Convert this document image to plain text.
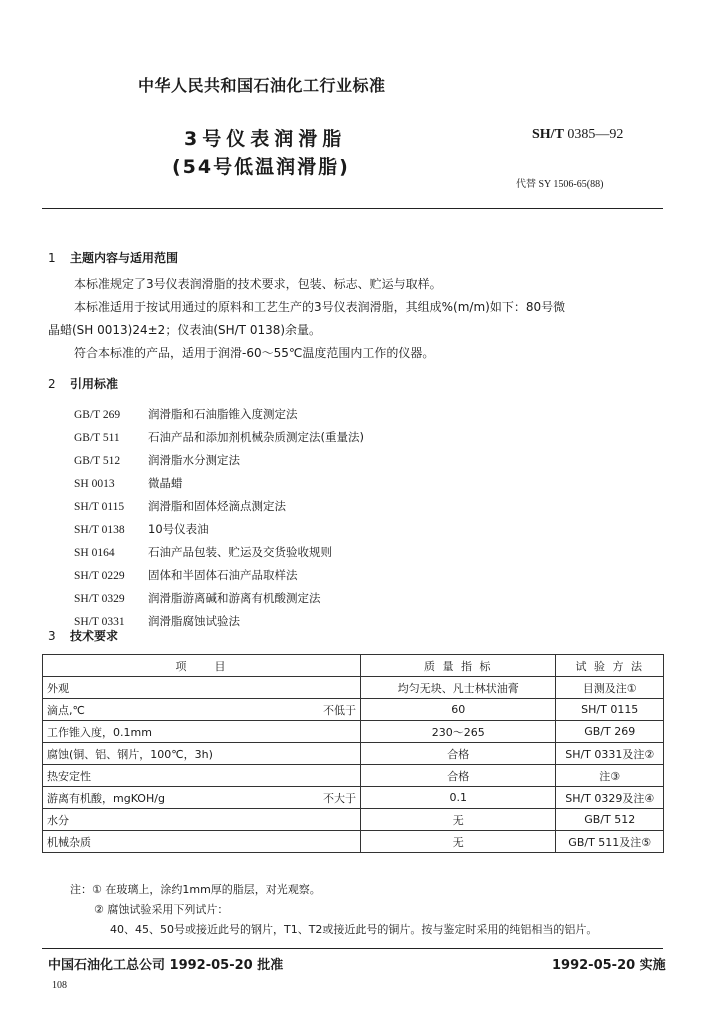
中华人民共和国石油化工行业标准
3号仪表润滑脂
(54号低温润滑脂)
SH/T 0385—92
代替 SY 1506-65(88)
1 主题内容与适用范围
本标准规定了3号仪表润滑脂的技术要求，包装、标志、贮运与取样。
本标准适用于按试用通过的原料和工艺生产的3号仪表润滑脂，其组成%(m/m)如下：80号微
晶蜡(SH 0013)24±2；仪表油(SH/T 0138)余量。
符合本标准的产品，适用于润滑-60～55℃温度范围内工作的仪器。
2 引用标准
GB/T 269 润滑脂和石油脂锥入度测定法
GB/T 511 石油产品和添加剂机械杂质测定法(重量法)
GB/T 512 润滑脂水分测定法
SH 0013	微晶蜡
SH/T 0115 润滑脂和固体烃滴点测定法
SH/T 0138 10号仪表油
SH 0164	石油产品包装、贮运及交货验收规则
SH/T 0229 固体和半固体石油产品取样法
SH/T 0329 润滑脂游离碱和游离有机酸测定法
SH/T 0331 润滑脂腐蚀试验法
3 技术要求
项　　目		质 量 指 标	试 验 方 法
外观		均匀无块、凡士林状油膏	目测及注①
滴点,℃	不低于	60	SH/T 0115
工作锥入度，0.1mm		230～265	GB/T 269
腐蚀(铜、铝、钢片，100℃，3h)		合格	SH/T 0331及注②
热安定性		合格	注③
游离有机酸，mgKOH/g	不大于	0.1	SH/T 0329及注④
水分		无	GB/T 512
机械杂质		无	GB/T 511及注⑤
注：① 在玻璃上，涂约1mm厚的脂层，对光观察。
② 腐蚀试验采用下列试片：
40、45、50号或接近此号的钢片，T1、T2或接近此号的铜片。按与鉴定时采用的纯铝相当的铝片。
中国石油化工总公司 1992-05-20 批准	1992-05-20 实施
108
